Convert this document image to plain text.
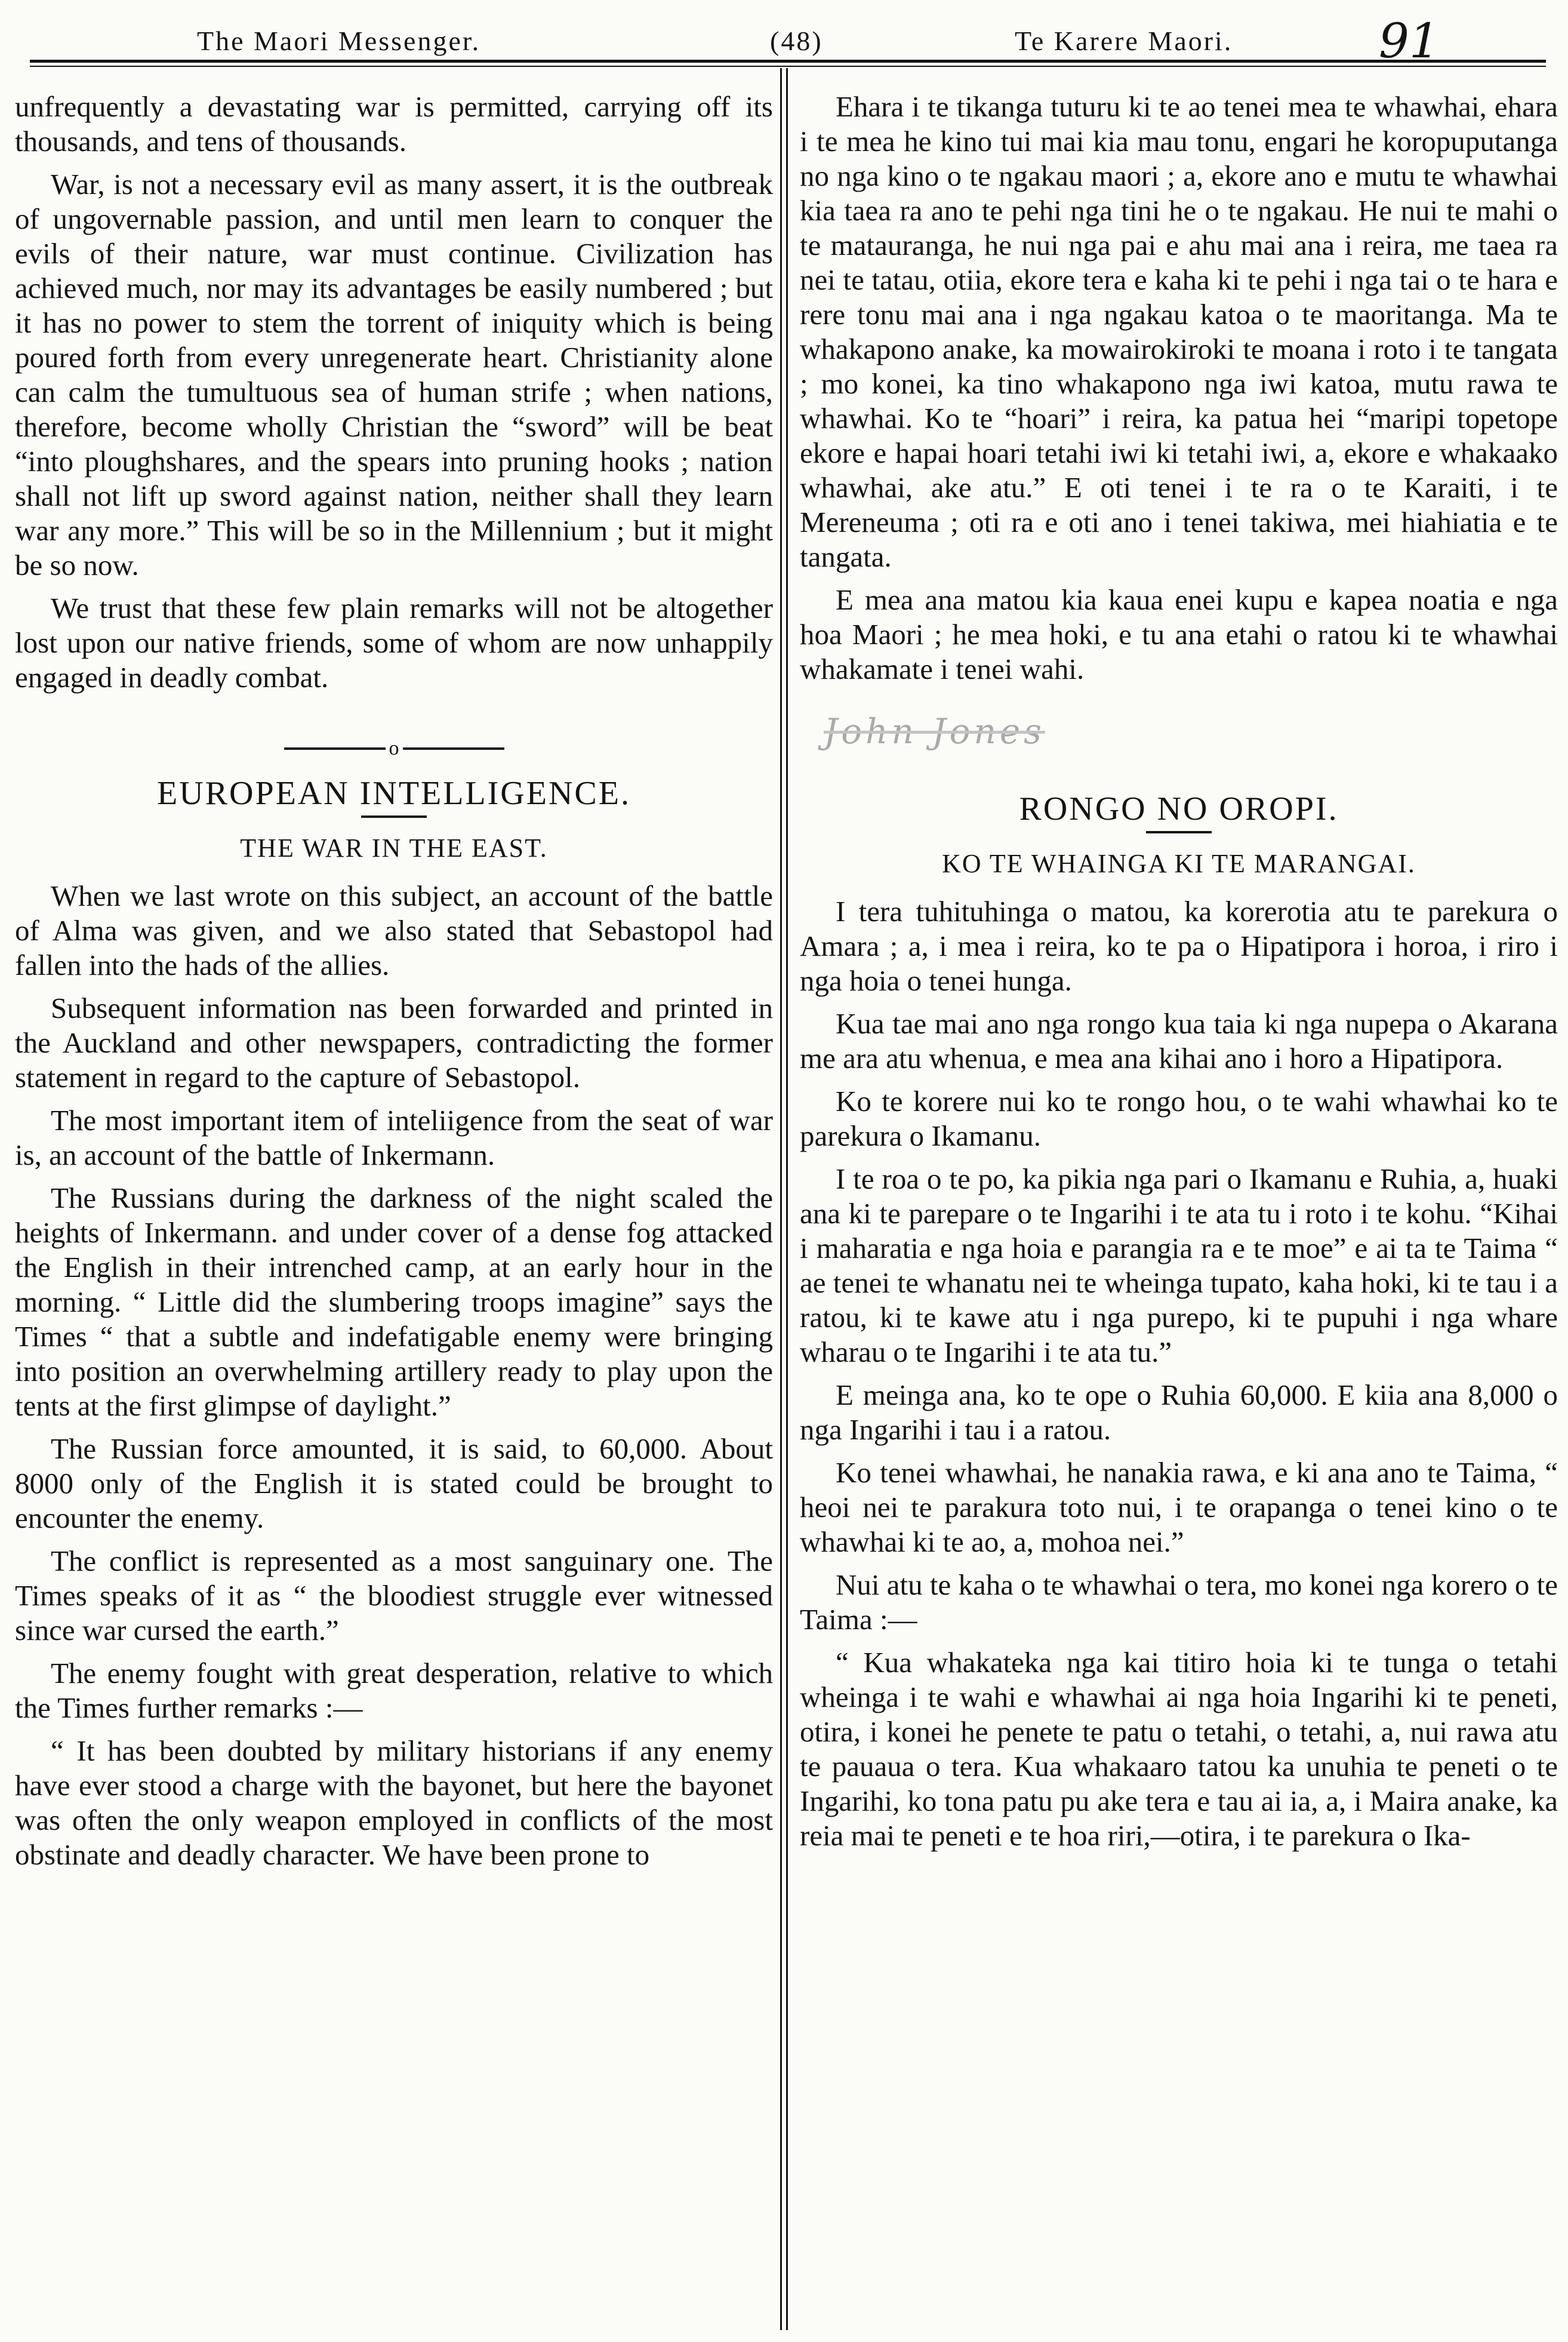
The Maori Messenger.	(48)	Te Karere Maori.	91

unfrequently a devastating war is permitted, carrying off its thousands, and tens of thousands.

War, is not a necessary evil as many assert, it is the outbreak of ungovernable passion, and until men learn to conquer the evils of their nature, war must continue. Civilization has achieved much, nor may its advantages be easily numbered ; but it has no power to stem the torrent of iniquity which is being poured forth from every unregenerate heart. Christianity alone can calm the tumultuous sea of human strife ; when nations, therefore, become wholly Christian the “sword” will be beat “into ploughshares, and the spears into pruning hooks ; nation shall not lift up sword against nation, neither shall they learn war any more.” This will be so in the Millennium ; but it might be so now.

We trust that these few plain remarks will not be altogether lost upon our native friends, some of whom are now unhappily engaged in deadly combat.

o
EUROPEAN INTELLIGENCE.
THE WAR IN THE EAST.

When we last wrote on this subject, an account of the battle of Alma was given, and we also stated that Sebastopol had fallen into the hads of the allies.

Subsequent information nas been forwarded and printed in the Auckland and other newspapers, contradicting the former statement in regard to the capture of Sebastopol.

The most important item of inteliigence from the seat of war is, an account of the battle of Inkermann.

The Russians during the darkness of the night scaled the heights of Inkermann. and under cover of a dense fog attacked the English in their intrenched camp, at an early hour in the morning. “ Little did the slumbering troops imagine” says the Times “ that a subtle and indefatigable enemy were bringing into position an overwhelming artillery ready to play upon the tents at the first glimpse of daylight.”

The Russian force amounted, it is said, to 60,000. About 8000 only of the English it is stated could be brought to encounter the enemy.

The conflict is represented as a most sanguinary one. The Times speaks of it as “ the bloodiest struggle ever witnessed since war cursed the earth.”

The enemy fought with great desperation, relative to which the Times further remarks :—

“ It has been doubted by military historians if any enemy have ever stood a charge with the bayonet, but here the bayonet was often the only weapon employed in conflicts of the most obstinate and deadly character. We have been prone to

Ehara i te tikanga tuturu ki te ao tenei mea te whawhai, ehara i te mea he kino tui mai kia mau tonu, engari he koropuputanga no nga kino o te ngakau maori ; a, ekore ano e mutu te whawhai kia taea ra ano te pehi nga tini he o te ngakau. He nui te mahi o te matauranga, he nui nga pai e ahu mai ana i reira, me taea ra nei te tatau, otiia, ekore tera e kaha ki te pehi i nga tai o te hara e rere tonu mai ana i nga ngakau katoa o te maoritanga. Ma te whakapono anake, ka mowairokiroki te moana i roto i te tangata ; mo konei, ka tino whakapono nga iwi katoa, mutu rawa te whawhai. Ko te “hoari” i reira, ka patua hei “maripi topetope ekore e hapai hoari tetahi iwi ki tetahi iwi, a, ekore e whakaako whawhai, ake atu.” E oti tenei i te ra o te Karaiti, i te Mereneuma ; oti ra e oti ano i tenei takiwa, mei hiahiatia e te tangata.

E mea ana matou kia kaua enei kupu e kapea noatia e nga hoa Maori ; he mea hoki, e tu ana etahi o ratou ki te whawhai whakamate i tenei wahi.

John Jones
RONGO NO OROPI.
KO TE WHAINGA KI TE MARANGAI.

I tera tuhituhinga o matou, ka korerotia atu te parekura o Amara ; a, i mea i reira, ko te pa o Hipatipora i horoa, i riro i nga hoia o tenei hunga.

Kua tae mai ano nga rongo kua taia ki nga nupepa o Akarana me ara atu whenua, e mea ana kihai ano i horo a Hipatipora.

Ko te korere nui ko te rongo hou, o te wahi whawhai ko te parekura o Ikamanu.

I te roa o te po, ka pikia nga pari o Ikamanu e Ruhia, a, huaki ana ki te parepare o te Ingarihi i te ata tu i roto i te kohu. “Kihai i maharatia e nga hoia e parangia ra e te moe” e ai ta te Taima “ ae tenei te whanatu nei te wheinga tupato, kaha hoki, ki te tau i a ratou, ki te kawe atu i nga purepo, ki te pupuhi i nga whare wharau o te Ingarihi i te ata tu.”

E meinga ana, ko te ope o Ruhia 60,000. E kiia ana 8,000 o nga Ingarihi i tau i a ratou.

Ko tenei whawhai, he nanakia rawa, e ki ana ano te Taima, “ heoi nei te parakura toto nui, i te orapanga o tenei kino o te whawhai ki te ao, a, mohoa nei.”

Nui atu te kaha o te whawhai o tera, mo konei nga korero o te Taima :—

“ Kua whakateka nga kai titiro hoia ki te tunga o tetahi wheinga i te wahi e whawhai ai nga hoia Ingarihi ki te peneti, otira, i konei he penete te patu o tetahi, o tetahi, a, nui rawa atu te pauaua o tera. Kua whakaaro tatou ka unuhia te peneti o te Ingarihi, ko tona patu pu ake tera e tau ai ia, a, i Maira anake, ka reia mai te peneti e te hoa riri,—otira, i te parekura o Ika-
